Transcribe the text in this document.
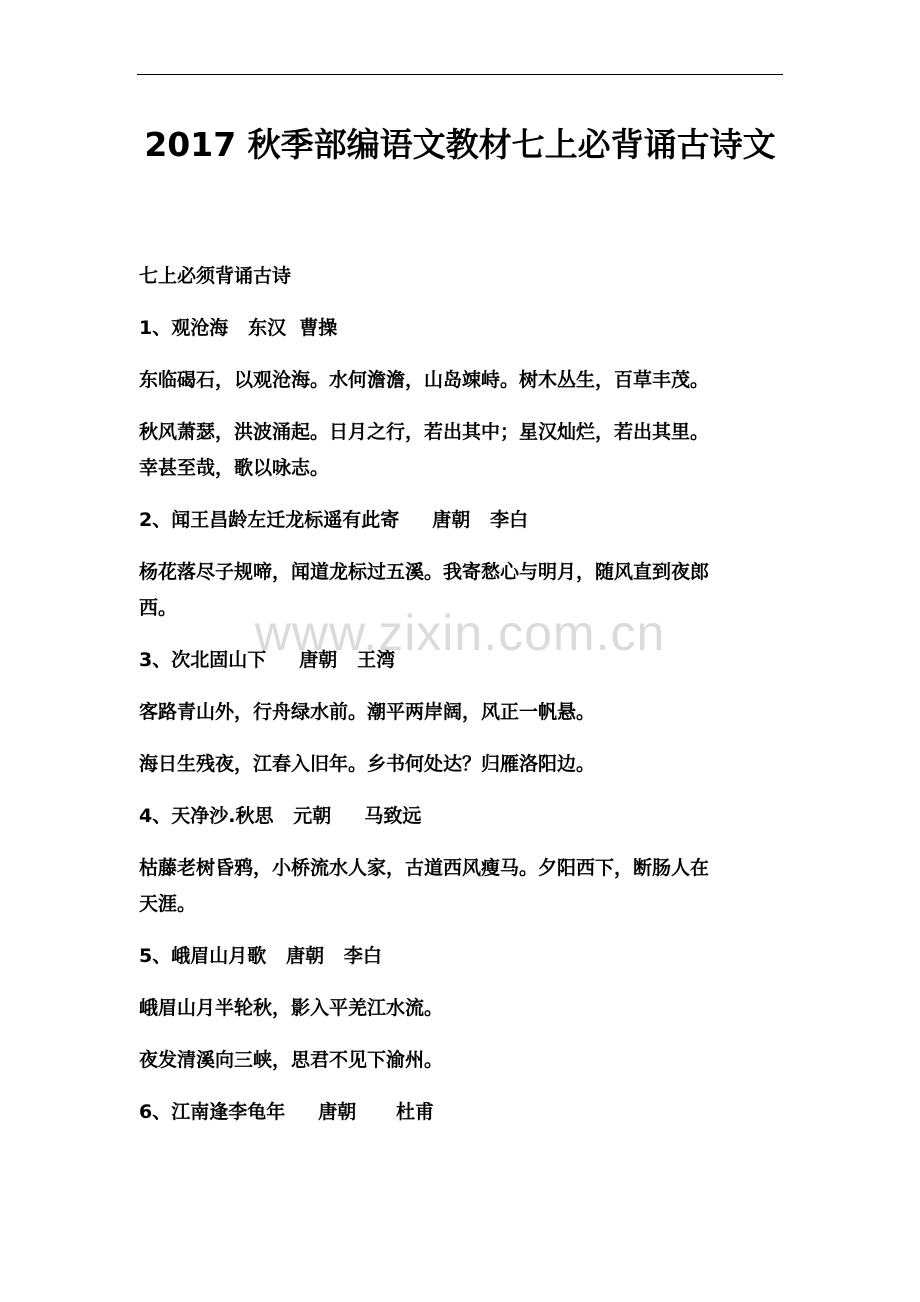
2017 秋季部编语文教材七上必背诵古诗文
七上必须背诵古诗
1、观沧海   东汉  曹操
东临碣石，以观沧海。水何澹澹，山岛竦峙。树木丛生，百草丰茂。
秋风萧瑟，洪波涌起。日月之行，若出其中；星汉灿烂，若出其里。
幸甚至哉，歌以咏志。
2、闻王昌龄左迁龙标遥有此寄     唐朝   李白
杨花落尽子规啼，闻道龙标过五溪。我寄愁心与明月，随风直到夜郎
西。
3、次北固山下     唐朝   王湾
客路青山外，行舟绿水前。潮平两岸阔，风正一帆悬。
海日生残夜，江春入旧年。乡书何处达？归雁洛阳边。
4、天净沙.秋思   元朝     马致远
枯藤老树昏鸦，小桥流水人家，古道西风瘦马。夕阳西下，断肠人在
天涯。
5、峨眉山月歌   唐朝   李白
峨眉山月半轮秋，影入平羌江水流。
夜发清溪向三峡，思君不见下渝州。
6、江南逢李龟年     唐朝      杜甫
www.zixin.com.cn
